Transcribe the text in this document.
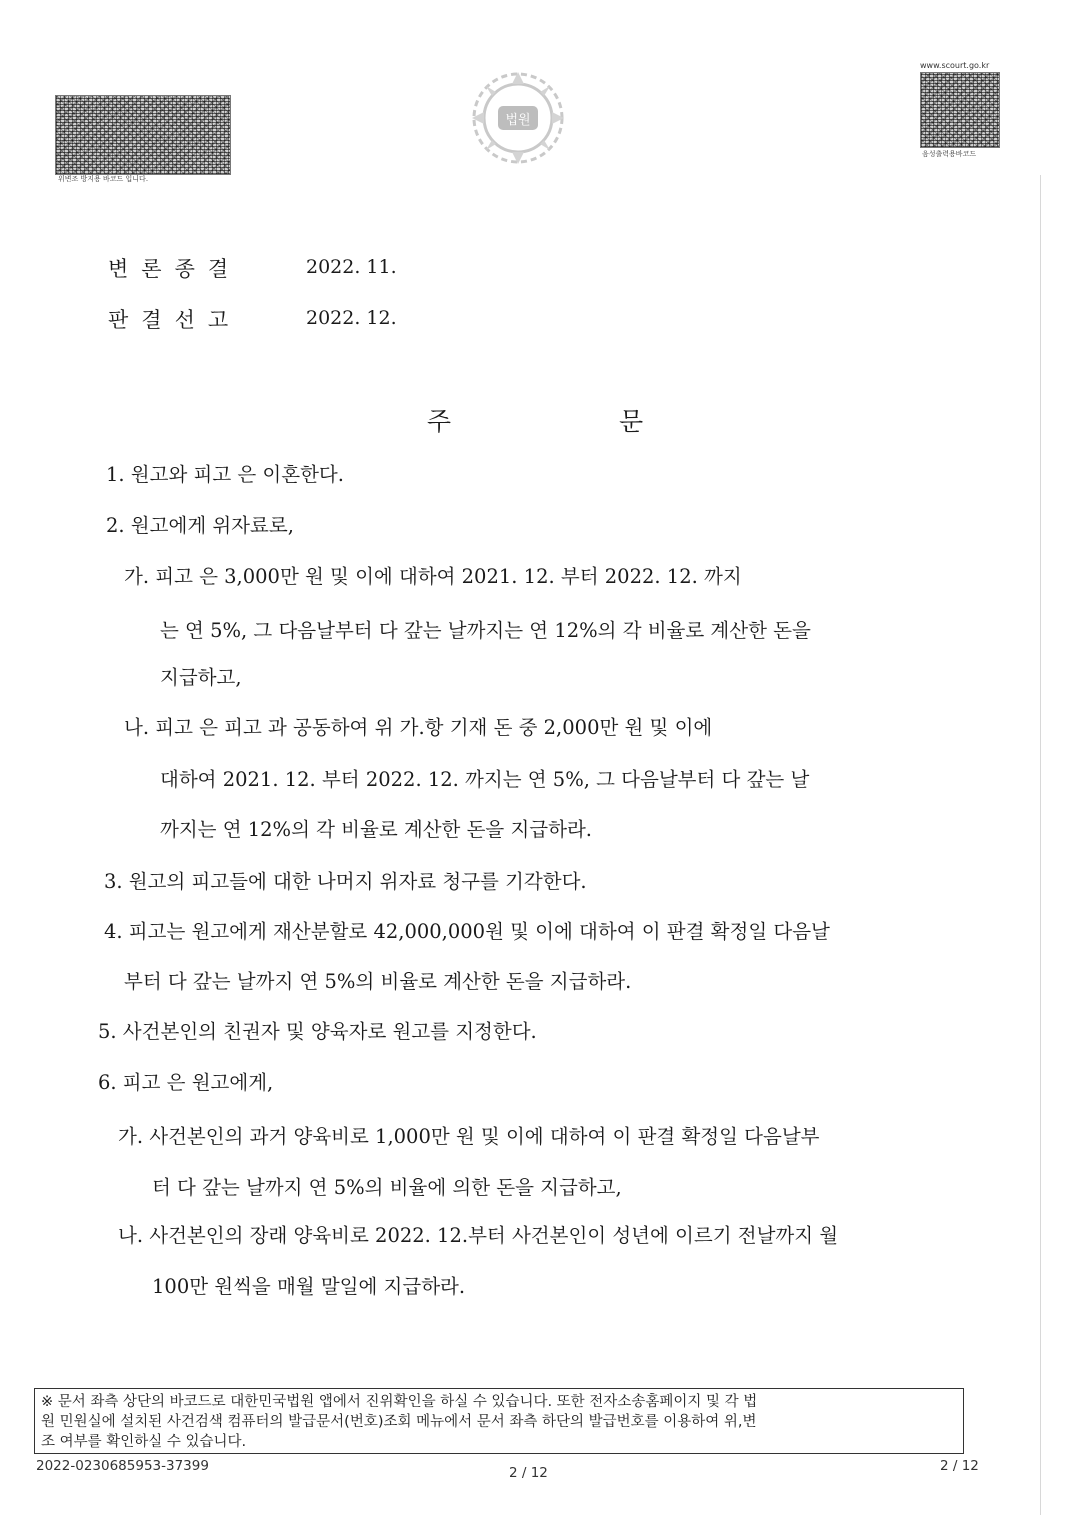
위변조 방지용 바코드 입니다.
법원
www.scourt.go.kr
음성출력용바코드
변론종결	2022. 11.
판결선고	2022. 12.
주 문
1. 원고와 피고 은 이혼한다.
2. 원고에게 위자료로,
가. 피고 은 3,000만 원 및 이에 대하여 2021. 12. 부터 2022. 12. 까지
는 연 5%, 그 다음날부터 다 갚는 날까지는 연 12%의 각 비율로 계산한 돈을
지급하고,
나. 피고 은 피고 과 공동하여 위 가.항 기재 돈 중 2,000만 원 및 이에
대하여 2021. 12. 부터 2022. 12. 까지는 연 5%, 그 다음날부터 다 갚는 날
까지는 연 12%의 각 비율로 계산한 돈을 지급하라.
3. 원고의 피고들에 대한 나머지 위자료 청구를 기각한다.
4. 피고는 원고에게 재산분할로 42,000,000원 및 이에 대하여 이 판결 확정일 다음날
부터 다 갚는 날까지 연 5%의 비율로 계산한 돈을 지급하라.
5. 사건본인의 친권자 및 양육자로 원고를 지정한다.
6. 피고 은 원고에게,
가. 사건본인의 과거 양육비로 1,000만 원 및 이에 대하여 이 판결 확정일 다음날부
터 다 갚는 날까지 연 5%의 비율에 의한 돈을 지급하고,
나. 사건본인의 장래 양육비로 2022. 12.부터 사건본인이 성년에 이르기 전날까지 월
100만 원씩을 매월 말일에 지급하라.
※ 문서 좌측 상단의 바코드로 대한민국법원 앱에서 진위확인을 하실 수 있습니다. 또한 전자소송홈페이지 및 각 법
원 민원실에 설치된 사건검색 컴퓨터의 발급문서(번호)조회 메뉴에서 문서 좌측 하단의 발급번호를 이용하여 위,변
조 여부를 확인하실 수 있습니다.
2022-0230685953-37399	2 / 12	2 / 12
